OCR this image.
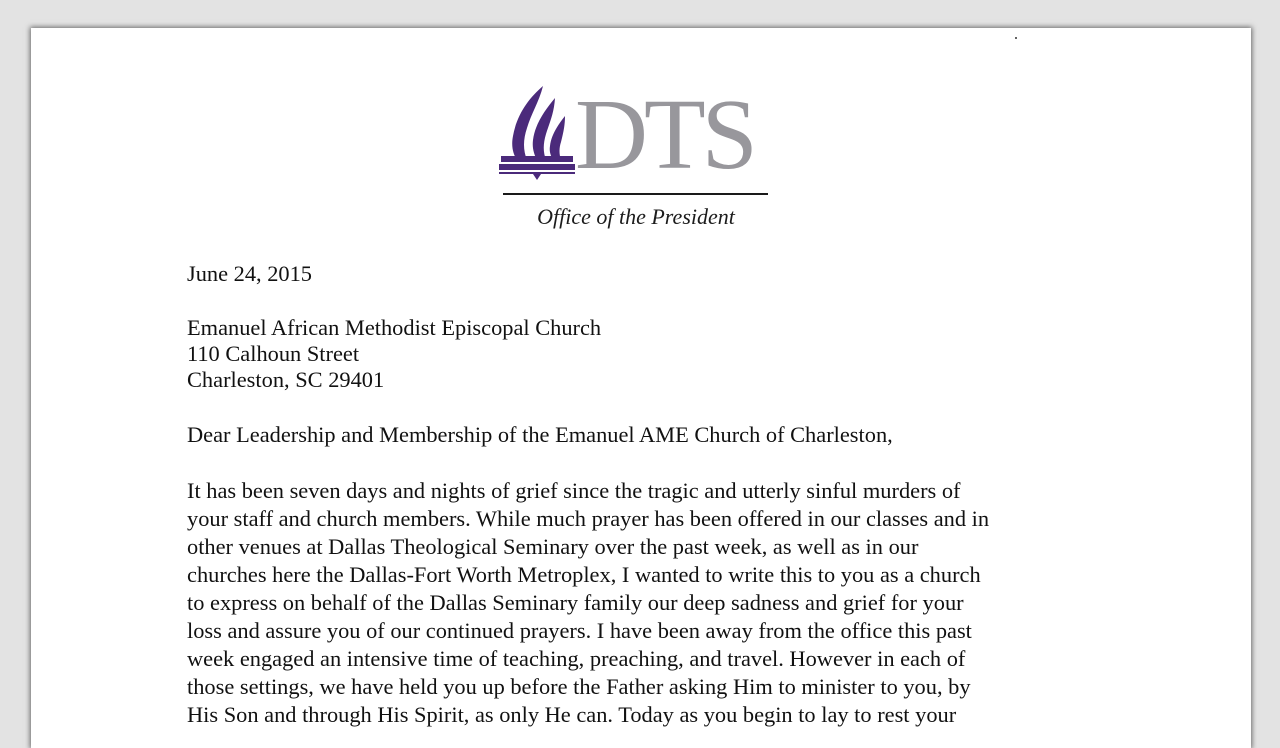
DTS
Office of the President

June 24, 2015

Emanuel African Methodist Episcopal Church
110 Calhoun Street
Charleston, SC 29401

Dear Leadership and Membership of the Emanuel AME Church of Charleston,

It has been seven days and nights of grief since the tragic and utterly sinful murders of
your staff and church members. While much prayer has been offered in our classes and in
other venues at Dallas Theological Seminary over the past week, as well as in our
churches here the Dallas-Fort Worth Metroplex, I wanted to write this to you as a church
to express on behalf of the Dallas Seminary family our deep sadness and grief for your
loss and assure you of our continued prayers. I have been away from the office this past
week engaged an intensive time of teaching, preaching, and travel. However in each of
those settings, we have held you up before the Father asking Him to minister to you, by
His Son and through His Spirit, as only He can. Today as you begin to lay to rest your
